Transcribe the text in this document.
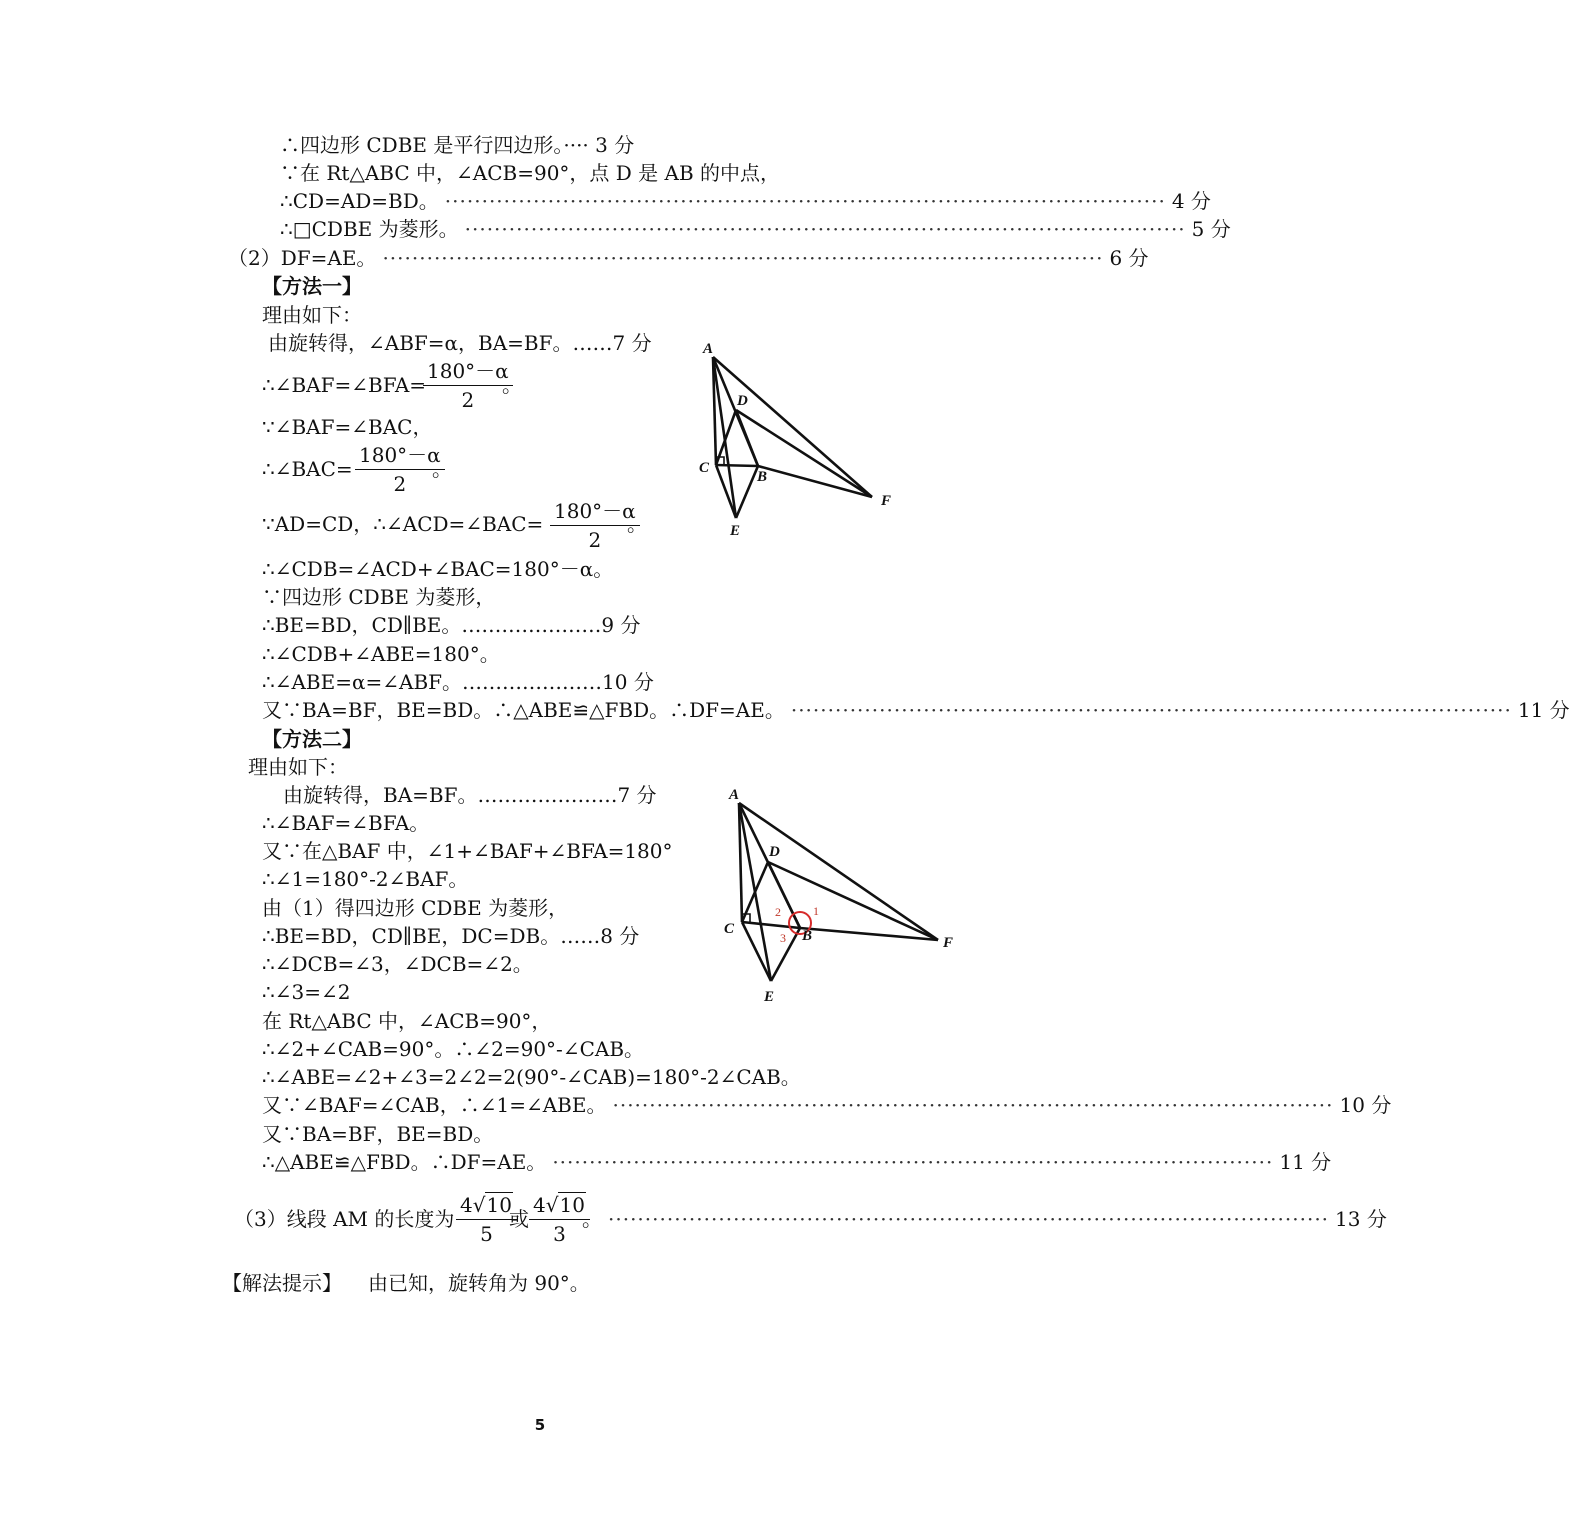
∴四边形 CDBE 是平行四边形。···· 3 分
∵在 Rt△ABC 中，∠ACB=90°，点 D 是 AB 的中点，
∴CD=AD=BD。 ·································································································· 4 分
∴□CDBE 为菱形。 ·································································································· 5 分
（2）DF=AE。 ·································································································· 6 分
【方法一】
理由如下：
由旋转得，∠ABF=α，BA=BF。……7 分
∴∠BAF=∠BFA=
$\frac{180^\circ-\alpha}{2}$
。
∵∠BAF=∠BAC，
∴∠BAC= $\frac{180^\circ-\alpha}{2}$
。
∵AD=CD，∴∠ACD=∠BAC= $\frac{180^\circ-\alpha}{2}$
。
∴∠CDB=∠ACD+∠BAC=180°－α。
∵四边形 CDBE 为菱形，
∴BE=BD，CD∥BE。…………………9 分
∴∠CDB+∠ABE=180°。
∴∠ABE=α=∠ABF。…………………10 分
又∵BA=BF，BE=BD。∴△ABE≌△FBD。∴DF=AE。 ·································································································· 11 分
A
D
C
B
F
E
【方法二】
理由如下：
由旋转得，BA=BF。…………………7 分
∴∠BAF=∠BFA。
又∵在△BAF 中，∠1+∠BAF+∠BFA=180°
∴∠1=180°-2∠BAF。
由（1）得四边形 CDBE 为菱形，
∴BE=BD，CD∥BE，DC=DB。……8 分
∴∠DCB=∠3，∠DCB=∠2。
∴∠3=∠2
在 Rt△ABC 中，∠ACB=90°，
∴∠2+∠CAB=90°。∴∠2=90°-∠CAB。
∴∠ABE=∠2+∠3=2∠2=2(90°-∠CAB)=180°-2∠CAB。
又∵∠BAF=∠CAB，∴∠1=∠ABE。 ·································································································· 10 分
又∵BA=BF，BE=BD。
∴△ABE≌△FBD。∴DF=AE。 ·································································································· 11 分
A
D
C	B	F
E
1
2
3
（3）线段 AM 的长度为 $\frac{4√10}{5}$
或 $\frac{4√10}{3}$
。 ·································································································· 13 分
【解法提示】 由已知，旋转角为 90°。
5
